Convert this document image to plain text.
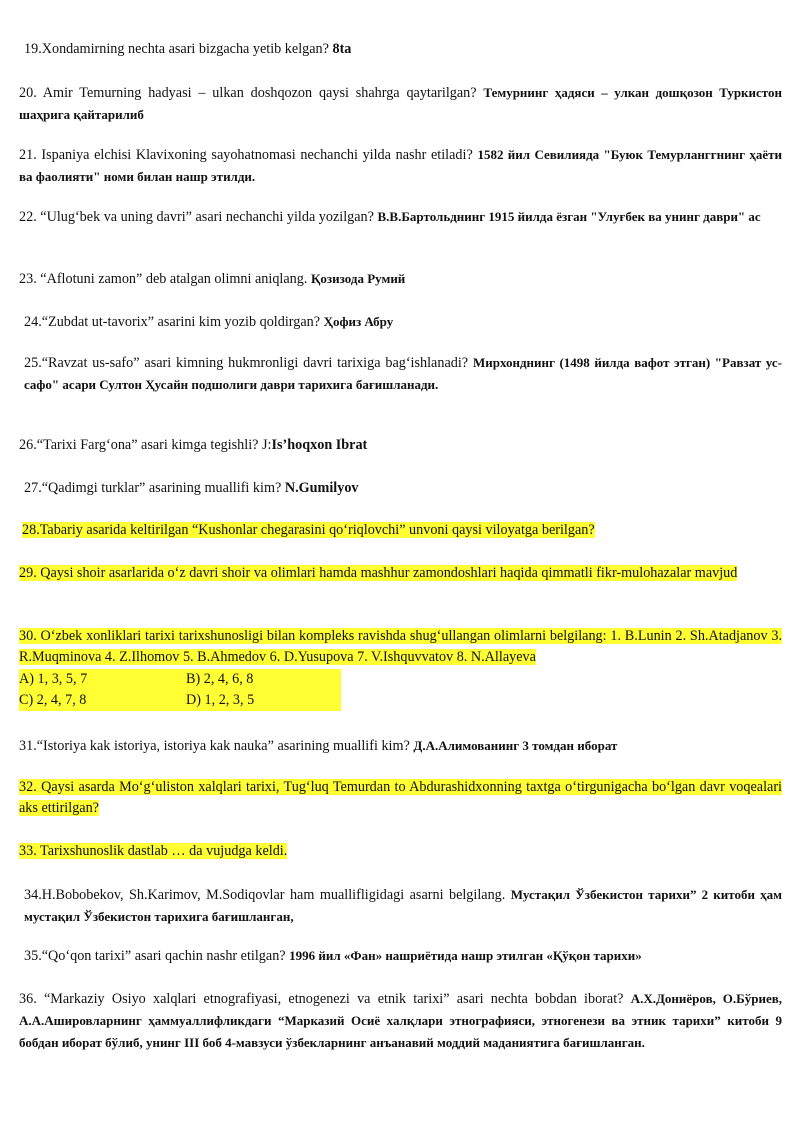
19.Xondamirning nechta asari bizgacha yetib kelgan? 8ta
20. Amir Temurning hadyasi – ulkan doshqozon qaysi shahrga qaytarilgan? Темурнинг ҳадяси – улкан дошқозон Туркистон шаҳрига қайтарилиб
21. Ispaniya elchisi Klavixoning sayohatnomasi nechanchi yilda nashr etiladi? 1582 йил Севилияда "Буюк Темурланггнинг ҳаёти ва фаолияти" номи билан нашр этилди.
22. “Ulug‘bek va uning davri” asari nechanchi yilda yozilgan? В.В.Бартольднинг 1915 йилда ёзган "Улуғбек ва унинг даври" ас
23. “Aflotuni zamon” deb atalgan olimni aniqlang. Қозизода Румий
24.“Zubdat ut-tavorix” asarini kim yozib qoldirgan? Ҳофиз Абру
25.“Ravzat us-safo” asari kimning hukmronligi davri tarixiga bag‘ishlanadi? Мирхонднинг (1498 йилда вафот этган) "Равзат ус-сафо" асари Султон Ҳусайн подшолиги даври тарихига бағишланади.
26.“Tarixi Farg‘ona” asari kimga tegishli? J:Is’hoqxon Ibrat
27.“Qadimgi turklar” asarining muallifi kim? N.Gumilyov
28.Tabariy asarida keltirilgan “Kushonlar chegarasini qo‘riqlovchi” unvoni qaysi viloyatga berilgan?
29. Qaysi shoir asarlarida o‘z davri shoir va olimlari hamda mashhur zamondoshlari haqida qimmatli fikr-mulohazalar mavjud
30. O‘zbek xonliklari tarixi tarixshunosligi bilan kompleks ravishda shug‘ullangan olimlarni belgilang: 1. B.Lunin 2. Sh.Atadjanov 3. R.Muqminova 4. Z.Ilhomov 5. B.Ahmedov 6. D.Yusupova 7. V.Ishquvvatov 8. N.Allayeva
A) 1, 3, 5, 7	B) 2, 4, 6, 8
C) 2, 4, 7, 8	D) 1, 2, 3, 5
31.“Istoriya kak istoriya, istoriya kak nauka” asarining muallifi kim? Д.А.Алимованинг 3 томдан иборат
32. Qaysi asarda Mo‘g‘uliston xalqlari tarixi, Tug‘luq Temurdan to Abdurashidxonning taxtga o‘tirgunigacha bo‘lgan davr voqealari aks ettirilgan?
33. Tarixshunoslik dastlab … da vujudga keldi.
34.H.Bobobekov, Sh.Karimov, M.Sodiqovlar ham muallifligidagi asarni belgilang. Мустақил Ўзбекистон тарихи” 2 китоби ҳам мустақил Ўзбекистон тарихига бағишланган,
35.“Qo‘qon tarixi” asari qachin nashr etilgan? 1996 йил «Фан» нашриётида нашр этилган «Қўқон тарихи»
36. “Markaziy Osiyo xalqlari etnografiyasi, etnogenezi va etnik tarixi” asari nechta bobdan iborat? А.Х.Дониёров, О.Бўриев, А.А.Ашировларнинг ҳаммуаллифликдаги “Марказий Осиё халқлари этнографияси, этногенези ва этник тарихи” китоби 9 бобдан иборат бўлиб, унинг III боб 4-мавзуси ўзбекларнинг анъанавий моддий маданиятига бағишланган.
